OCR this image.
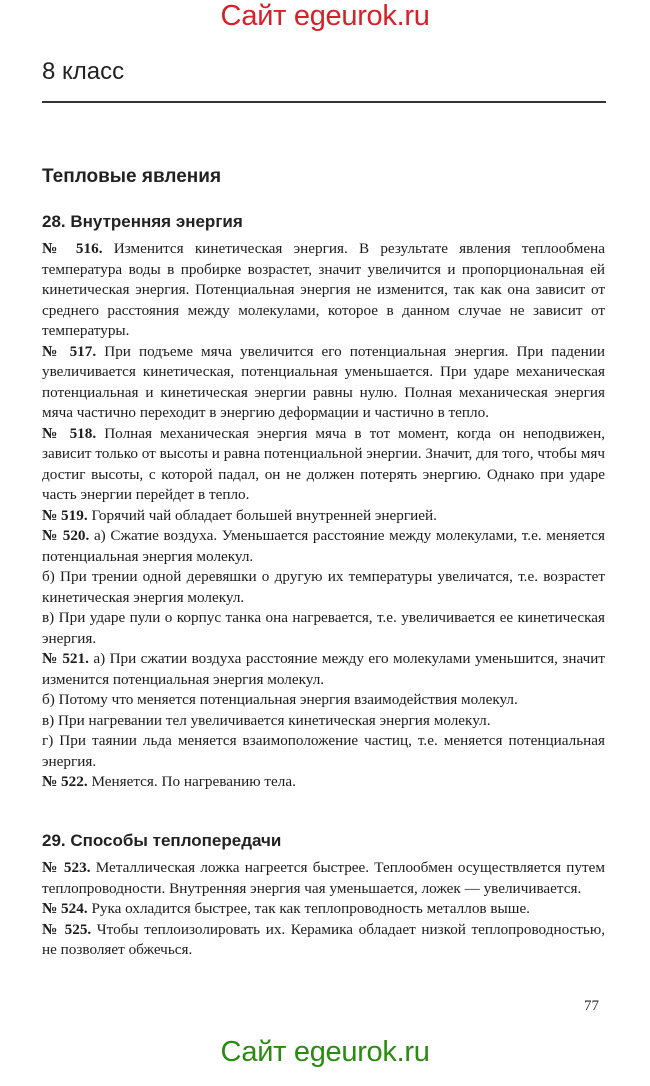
Сайт egeurok.ru
8 класс
Тепловые явления
28. Внутренняя энергия

№ 516. Изменится кинетическая энергия. В результате явления теплообмена температура воды в пробирке возрастет, значит увеличится и пропорциональная ей кинетическая энергия. Потенциальная энергия не изменится, так как она зависит от среднего расстояния между молекулами, которое в данном случае не зависит от температуры.

№ 517. При подъеме мяча увеличится его потенциальная энергия. При падении увеличивается кинетическая, потенциальная уменьшается. При ударе механическая потенциальная и кинетическая энергии равны нулю. Полная механическая энергия мяча частично переходит в энергию деформации и частично в тепло.

№ 518. Полная механическая энергия мяча в тот момент, когда он неподвижен, зависит только от высоты и равна потенциальной энергии. Значит, для того, чтобы мяч достиг высоты, с которой падал, он не должен потерять энергию. Однако при ударе часть энергии перейдет в тепло.

№ 519. Горячий чай обладает большей внутренней энергией.

№ 520. а) Сжатие воздуха. Уменьшается расстояние между молекулами, т.е. меняется потенциальная энергия молекул.

б) При трении одной деревяшки о другую их температуры увеличатся, т.е. возрастет кинетическая энергия молекул.

в) При ударе пули о корпус танка она нагревается, т.е. увеличивается ее кинетическая энергия.

№ 521. а) При сжатии воздуха расстояние между его молекулами уменьшится, значит изменится потенциальная энергия молекул.

б) Потому что меняется потенциальная энергия взаимодействия молекул.

в) При нагревании тел увеличивается кинетическая энергия молекул.

г) При таянии льда меняется взаимоположение частиц, т.е. меняется потенциальная энергия.

№ 522. Меняется. По нагреванию тела.

29. Способы теплопередачи

№ 523. Металлическая ложка нагреется быстрее. Теплообмен осуществляется путем теплопроводности. Внутренняя энергия чая уменьшается, ложек — увеличивается.

№ 524. Рука охладится быстрее, так как теплопроводность металлов выше.

№ 525. Чтобы теплоизолировать их. Керамика обладает низкой теплопроводностью, не позволяет обжечься.

77
Сайт egeurok.ru
